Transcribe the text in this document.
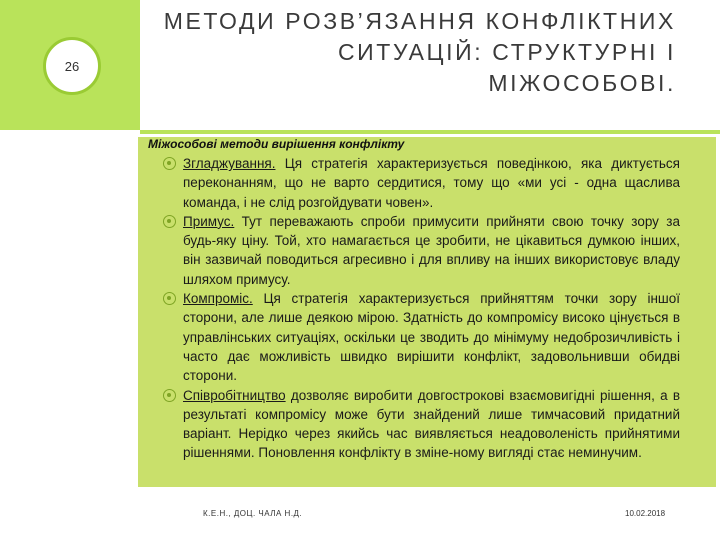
26
МЕТОДИ РОЗВ’ЯЗАННЯ КОНФЛІКТНИХ СИТУАЦІЙ: СТРУКТУРНІ І МІЖОСОБОВІ.
Міжособові методи вирішення конфлікту
Згладжування. Ця стратегія характеризується поведінкою, яка диктується переконанням, що не варто сердитися, тому що «ми усі - одна щаслива команда, і не слід розгойдувати човен».
Примус. Тут переважають спроби примусити прийняти свою точку зору за будь-яку ціну. Той, хто намагається це зробити, не цікавиться думкою інших, він зазвичай поводиться агресивно і для впливу на інших використовує владу шляхом примусу.
Компроміс. Ця стратегія характеризується прийняттям точки зору іншої сторони, але лише деякою мірою. Здатність до компромісу високо цінується в управлінських ситуаціях, оскільки це зводить до мінімуму недоброзичливість і часто дає можливість швидко вирішити конфлікт, задовольнивши обидві сторони.
Співробітництво дозволяє виробити довгострокові взаємовигідні рішення, а в результаті компромісу може бути знайдений лише тимчасовий придатний варіант. Нерідко через якийсь час виявляється неадоволеність прийнятими рішеннями. Поновлення конфлікту в зміне-ному вигляді стає неминучим.
К.Е.Н., ДОЦ. ЧАЛА Н.Д.	10.02.2018
